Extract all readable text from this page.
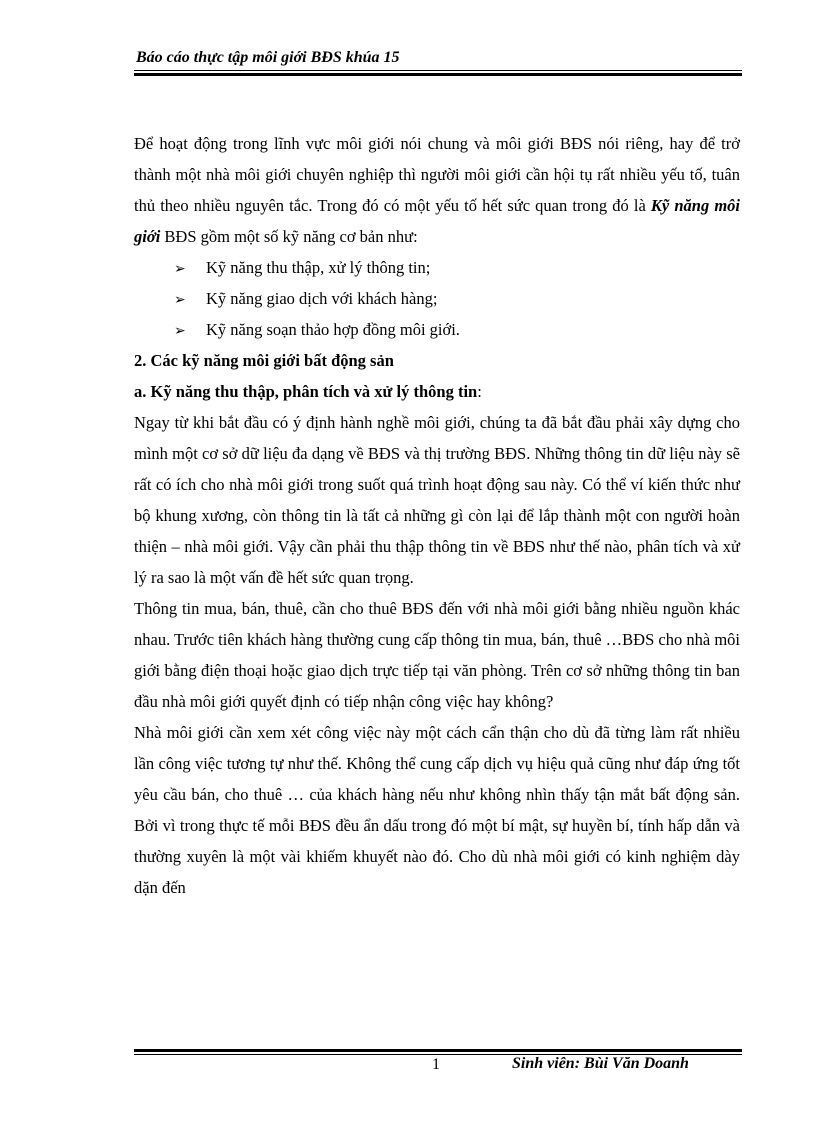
Báo cáo thực tập môi giới BĐS khúa 15

Để hoạt động trong lĩnh vực môi giới nói chung và môi giới BĐS nói riêng, hay để trở thành một nhà môi giới chuyên nghiệp thì người môi giới cần hội tụ rất nhiều yếu tố, tuân thủ theo nhiều nguyên tắc. Trong đó có một yếu tố hết sức quan trong đó là Kỹ năng môi giới BĐS gồm một số kỹ năng cơ bản như:

➢	Kỹ năng thu thập, xử lý thông tin;
➢	Kỹ năng giao dịch với khách hàng;
➢	Kỹ năng soạn thảo hợp đồng môi giới.

2. Các kỹ năng môi giới bất động sản

a. Kỹ năng thu thập, phân tích và xử lý thông tin:

Ngay từ khi bắt đầu có ý định hành nghề môi giới, chúng ta đã bắt đầu phải xây dựng cho mình một cơ sở dữ liệu đa dạng về BĐS và thị trường BĐS. Những thông tin dữ liệu này sẽ rất có ích cho nhà môi giới trong suốt quá trình hoạt động sau này. Có thể ví kiến thức như bộ khung xương, còn thông tin là tất cả những gì còn lại để lắp thành một con người hoàn thiện – nhà môi giới. Vậy cần phải thu thập thông tin về BĐS như thế nào, phân tích và xử lý ra sao là một vấn đề hết sức quan trọng.

Thông tin mua, bán, thuê, cần cho thuê BĐS đến với nhà môi giới bằng nhiều nguồn khác nhau. Trước tiên khách hàng thường cung cấp thông tin mua, bán, thuê …BĐS cho nhà môi giới bằng điện thoại hoặc giao dịch trực tiếp tại văn phòng. Trên cơ sở những thông tin ban đầu nhà môi giới quyết định có tiếp nhận công việc hay không?

Nhà môi giới cần xem xét công việc này một cách cẩn thận cho dù đã từng làm rất nhiều lần công việc tương tự như thế. Không thể cung cấp dịch vụ hiệu quả cũng như đáp ứng tốt yêu cầu bán, cho thuê … của khách hàng nếu như không nhìn thấy tận mắt bất động sản. Bởi vì trong thực tế mỗi BĐS đều ẩn dấu trong đó một bí mật, sự huyền bí, tính hấp dẫn và thường xuyên là một vài khiếm khuyết nào đó. Cho dù nhà môi giới có kinh nghiệm dày dặn đến

1	Sinh viên: Bùi Văn Doanh
